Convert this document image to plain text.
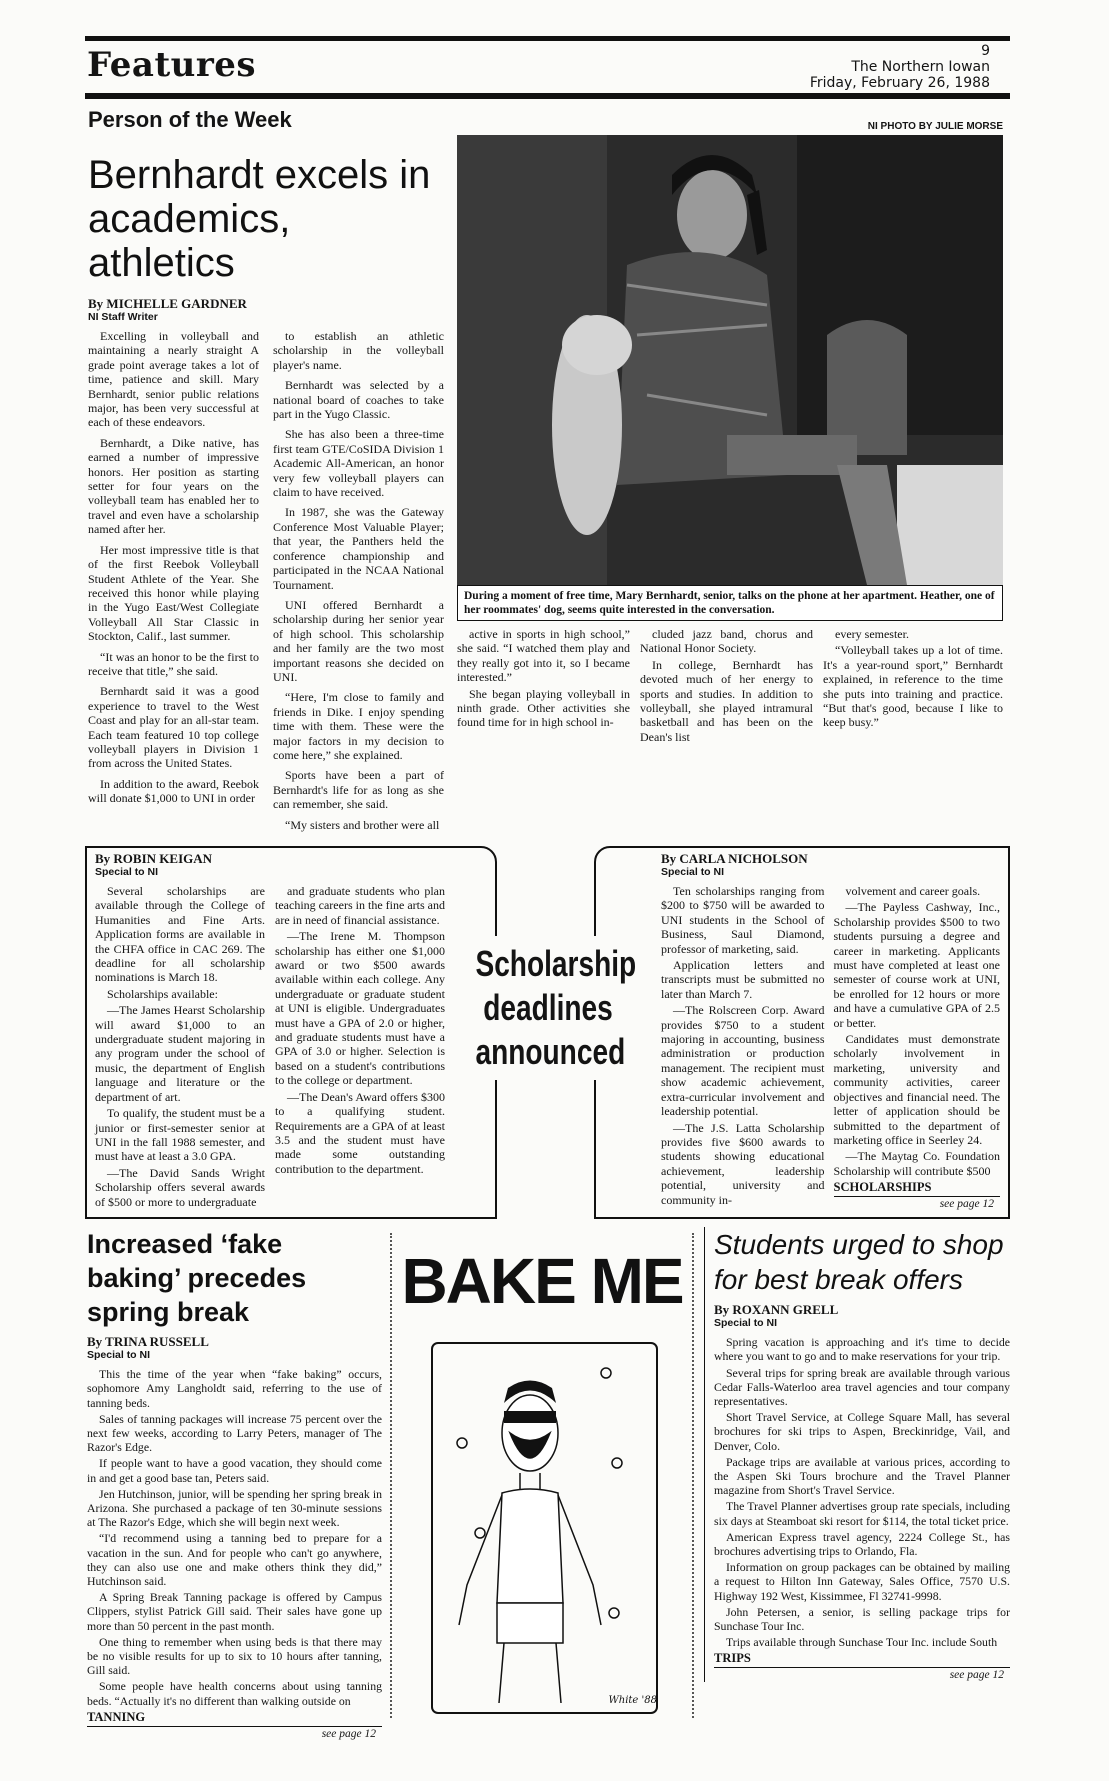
Features	9
The Northern Iowan
Friday, February 26, 1988
Person of the Week	NI PHOTO BY JULIE MORSE
Bernhardt excels in academics, athletics
By MICHELLE GARDNER
NI Staff Writer

Excelling in volleyball and maintaining a nearly straight A grade point average takes a lot of time, patience and skill. Mary Bernhardt, senior public relations major, has been very successful at each of these endeavors.

Bernhardt, a Dike native, has earned a number of impressive honors. Her position as starting setter for four years on the volleyball team has enabled her to travel and even have a scholarship named after her.

Her most impressive title is that of the first Reebok Volleyball Student Athlete of the Year. She received this honor while playing in the Yugo East/West Collegiate Volleyball All Star Classic in Stockton, Calif., last summer.

“It was an honor to be the first to receive that title,” she said.

Bernhardt said it was a good experience to travel to the West Coast and play for an all-star team. Each team featured 10 top college volleyball players in Division 1 from across the United States.

In addition to the award, Reebok will donate $1,000 to UNI in order

to establish an athletic scholarship in the volleyball player's name.

Bernhardt was selected by a national board of coaches to take part in the Yugo Classic.

She has also been a three-time first team GTE/CoSIDA Division 1 Academic All-American, an honor very few volleyball players can claim to have received.

In 1987, she was the Gateway Conference Most Valuable Player; that year, the Panthers held the conference championship and participated in the NCAA National Tournament.

UNI offered Bernhardt a scholarship during her senior year of high school. This scholarship and her family are the two most important reasons she decided on UNI.

“Here, I'm close to family and friends in Dike. I enjoy spending time with them. These were the major factors in my decision to come here,” she explained.

Sports have been a part of Bernhardt's life for as long as she can remember, she said.

“My sisters and brother were all

During a moment of free time, Mary Bernhardt, senior, talks on the phone at her apartment. Heather, one of her roommates' dog, seems quite interested in the conversation.

active in sports in high school,” she said. “I watched them play and they really got into it, so I became interested.”

She began playing volleyball in ninth grade. Other activities she found time for in high school in-

cluded jazz band, chorus and National Honor Society.

In college, Bernhardt has devoted much of her energy to sports and studies. In addition to volleyball, she played intramural basketball and has been on the Dean's list

every semester.

“Volleyball takes up a lot of time. It's a year-round sport,” Bernhardt explained, in reference to the time she puts into training and practice. “But that's good, because I like to keep busy.”

By ROBIN KEIGAN
Special to NI

Several scholarships are available through the College of Humanities and Fine Arts. Application forms are available in the CHFA office in CAC 269. The deadline for all scholarship nominations is March 18.

Scholarships available:

—The James Hearst Scholarship will award $1,000 to an undergraduate student majoring in any program under the school of music, the department of English language and literature or the department of art.

To qualify, the student must be a junior or first-semester senior at UNI in the fall 1988 semester, and must have at least a 3.0 GPA.

—The David Sands Wright Scholarship offers several awards of $500 or more to undergraduate

and graduate students who plan teaching careers in the fine arts and are in need of financial assistance.

—The Irene M. Thompson scholarship has either one $1,000 award or two $500 awards available within each college. Any undergraduate or graduate student at UNI is eligible. Undergraduates must have a GPA of 2.0 or higher, and graduate students must have a GPA of 3.0 or higher. Selection is based on a student's contributions to the college or department.

—The Dean's Award offers $300 to a qualifying student. Requirements are a GPA of at least 3.5 and the student must have made some outstanding contribution to the department.

By CARLA NICHOLSON
Special to NI

Ten scholarships ranging from $200 to $750 will be awarded to UNI students in the School of Business, Saul Diamond, professor of marketing, said.

Application letters and transcripts must be submitted no later than March 7.

—The Rolscreen Corp. Award provides $750 to a student majoring in accounting, business administration or production management. The recipient must show academic achievement, extra-curricular involvement and leadership potential.

—The J.S. Latta Scholarship provides five $600 awards to students showing educational achievement, leadership potential, university and community in-

volvement and career goals.

—The Payless Cashway, Inc., Scholarship provides $500 to two students pursuing a degree and career in marketing. Applicants must have completed at least one semester of course work at UNI, be enrolled for 12 hours or more and have a cumulative GPA of 2.5 or better.

Candidates must demonstrate scholarly involvement in marketing, university and community activities, career objectives and financial need. The letter of application should be submitted to the department of marketing office in Seerley 24.

—The Maytag Co. Foundation Scholarship will contribute $500

SCHOLARSHIPS
see page 12
Scholarship
deadlines
announced
Increased ‘fake baking’ precedes spring break
By TRINA RUSSELL
Special to NI

This the time of the year when “fake baking” occurs, sophomore Amy Langholdt said, referring to the use of tanning beds.

Sales of tanning packages will increase 75 percent over the next few weeks, according to Larry Peters, manager of The Razor's Edge.

If people want to have a good vacation, they should come in and get a good base tan, Peters said.

Jen Hutchinson, junior, will be spending her spring break in Arizona. She purchased a package of ten 30-minute sessions at The Razor's Edge, which she will begin next week.

“I'd recommend using a tanning bed to prepare for a vacation in the sun. And for people who can't go anywhere, they can also use one and make others think they did,” Hutchinson said.

A Spring Break Tanning package is offered by Campus Clippers, stylist Patrick Gill said. Their sales have gone up more than 50 percent in the past month.

One thing to remember when using beds is that there may be no visible results for up to six to 10 hours after tanning, Gill said.

Some people have health concerns about using tanning beds. “Actually it's no different than walking outside on

TANNING
see page 12
BAKE ME
White '88
Students urged to shop for best break offers
By ROXANN GRELL
Special to NI

Spring vacation is approaching and it's time to decide where you want to go and to make reservations for your trip.

Several trips for spring break are available through various Cedar Falls-Waterloo area travel agencies and tour company representatives.

Short Travel Service, at College Square Mall, has several brochures for ski trips to Aspen, Breckinridge, Vail, and Denver, Colo.

Package trips are available at various prices, according to the Aspen Ski Tours brochure and the Travel Planner magazine from Short's Travel Service.

The Travel Planner advertises group rate specials, including six days at Steamboat ski resort for $114, the total ticket price.

American Express travel agency, 2224 College St., has brochures advertising trips to Orlando, Fla.

Information on group packages can be obtained by mailing a request to Hilton Inn Gateway, Sales Office, 7570 U.S. Highway 192 West, Kissimmee, Fl 32741-9998.

John Petersen, a senior, is selling package trips for Sunchase Tour Inc.

Trips available through Sunchase Tour Inc. include South

TRIPS
see page 12
